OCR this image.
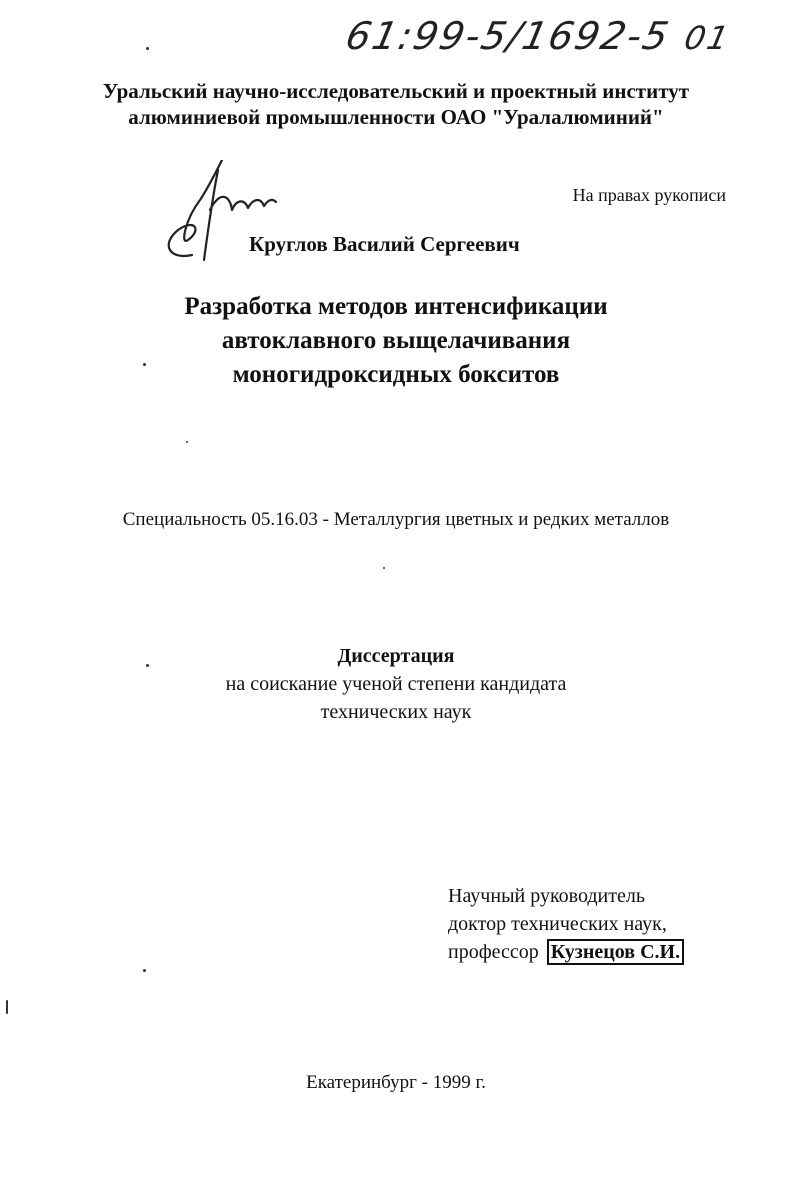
61:99-5/1692-5 01
Уральский научно-исследовательский и проектный институт
алюминиевой промышленности ОАО "Уралалюминий"
На правах рукописи
Круглов Василий Сергеевич
Разработка методов интенсификации
автоклавного выщелачивания
моногидроксидных бокситов
Специальность 05.16.03 - Металлургия цветных и редких металлов
Диссертация
на соискание ученой степени кандидата
технических наук
Научный руководитель
доктор технических наук,
профессор Кузнецов С.И.
Екатеринбург - 1999 г.
